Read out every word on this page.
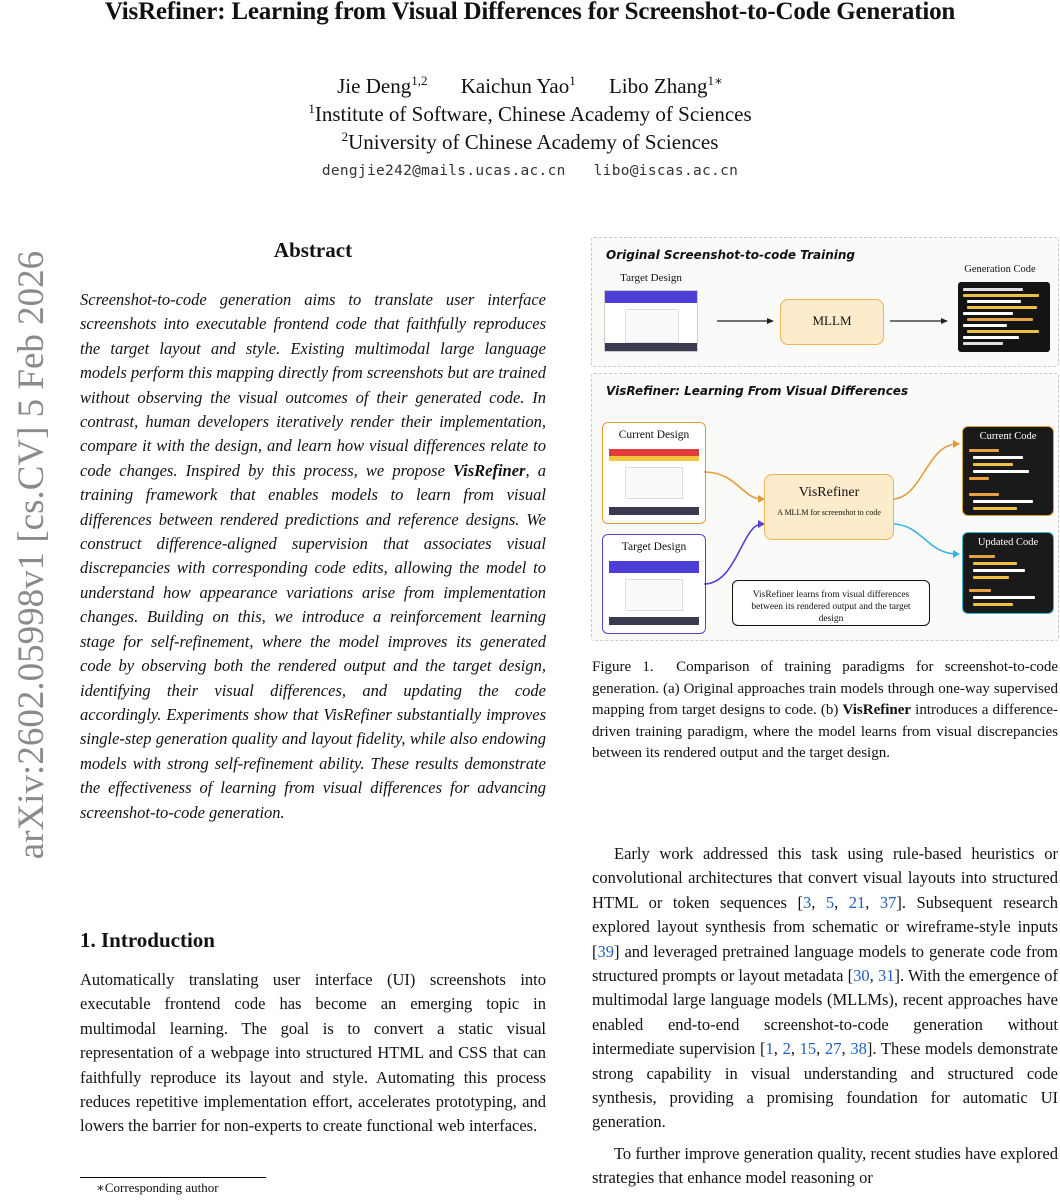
VisRefiner: Learning from Visual Differences for Screenshot-to-Code Generation
Jie Deng$^{1,2}$ Kaichun Yao$^1$ Libo Zhang$^{1∗}$
$^1$Institute of Software, Chinese Academy of Sciences
$^2$University of Chinese Academy of Sciences
dengjie242@mails.ucas.ac.cn libo@iscas.ac.cn
arXiv:2602.05998v1 [cs.CV] 5 Feb 2026
Abstract
Screenshot-to-code generation aims to translate user interface screenshots into executable frontend code that faithfully reproduces the target layout and style. Existing multimodal large language models perform this mapping directly from screenshots but are trained without observing the visual outcomes of their generated code. In contrast, human developers iteratively render their implementation, compare it with the design, and learn how visual differences relate to code changes. Inspired by this process, we propose VisRefiner, a training framework that enables models to learn from visual differences between rendered predictions and reference designs. We construct difference-aligned supervision that associates visual discrepancies with corresponding code edits, allowing the model to understand how appearance variations arise from implementation changes. Building on this, we introduce a reinforcement learning stage for self-refinement, where the model improves its generated code by observing both the rendered output and the target design, identifying their visual differences, and updating the code accordingly. Experiments show that VisRefiner substantially improves single-step generation quality and layout fidelity, while also endowing models with strong self-refinement ability. These results demonstrate the effectiveness of learning from visual differences for advancing screenshot-to-code generation.
1. Introduction
Automatically translating user interface (UI) screenshots into executable frontend code has become an emerging topic in multimodal learning. The goal is to convert a static visual representation of a webpage into structured HTML and CSS that can faithfully reproduce its layout and style. Automating this process reduces repetitive implementation effort, accelerates prototyping, and lowers the barrier for non-experts to create functional web interfaces.
∗Corresponding author
Original Screenshot-to-code Training
Target Design
MLLM
Generation Code
VisRefiner: Learning From Visual Differences
Current Design
Target Design
VisRefiner
A MLLM for screenshot to code
Current Code
Updated Code
VisRefiner learns from visual differences between its rendered output and the target design
Figure 1. Comparison of training paradigms for screenshot-to-code generation. (a) Original approaches train models through one-way supervised mapping from target designs to code. (b) VisRefiner introduces a difference-driven training paradigm, where the model learns from visual discrepancies between its rendered output and the target design.

Early work addressed this task using rule-based heuristics or convolutional architectures that convert visual layouts into structured HTML or token sequences [3, 5, 21, 37]. Subsequent research explored layout synthesis from schematic or wireframe-style inputs [39] and leveraged pretrained language models to generate code from structured prompts or layout metadata [30, 31]. With the emergence of multimodal large language models (MLLMs), recent approaches have enabled end-to-end screenshot-to-code generation without intermediate supervision [1, 2, 15, 27, 38]. These models demonstrate strong capability in visual understanding and structured code synthesis, providing a promising foundation for automatic UI generation.

To further improve generation quality, recent studies have explored strategies that enhance model reasoning or
